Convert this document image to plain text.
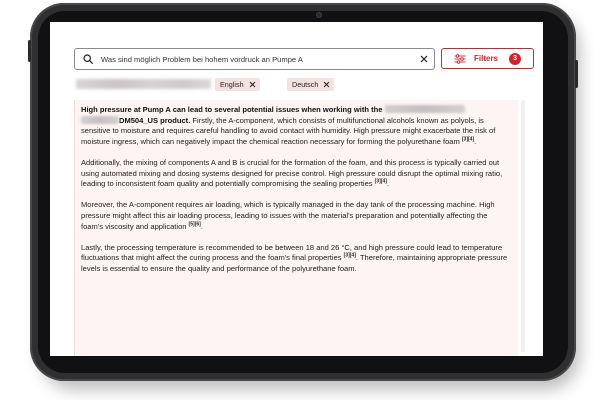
Was sind möglich Problem bei hohem vordruck an Pumpe A	Filters	3
English	Deutsch

High pressure at Pump A can lead to several potential issues when working with the
DM504_US product. Firstly, the A-component, which consists of multifunctional alcohols known as polyols, is sensitive to moisture and requires careful handling to avoid contact with humidity. High pressure might exacerbate the risk of moisture ingress, which can negatively impact the chemical reaction necessary for forming the polyurethane foam [3][4].

Additionally, the mixing of components A and B is crucial for the formation of the foam, and this process is typically carried out using automated mixing and dosing systems designed for precise control. High pressure could disrupt the optimal mixing ratio, leading to inconsistent foam quality and potentially compromising the sealing properties [3][4].

Moreover, the A-component requires air loading, which is typically managed in the day tank of the processing machine. High pressure might affect this air loading process, leading to issues with the material's preparation and potentially affecting the foam's viscosity and application [5][6].

Lastly, the processing temperature is recommended to be between 18 and 26 °C, and high pressure could lead to temperature fluctuations that might affect the curing process and the foam's final properties [3][4]. Therefore, maintaining appropriate pressure levels is essential to ensure the quality and performance of the polyurethane foam.
